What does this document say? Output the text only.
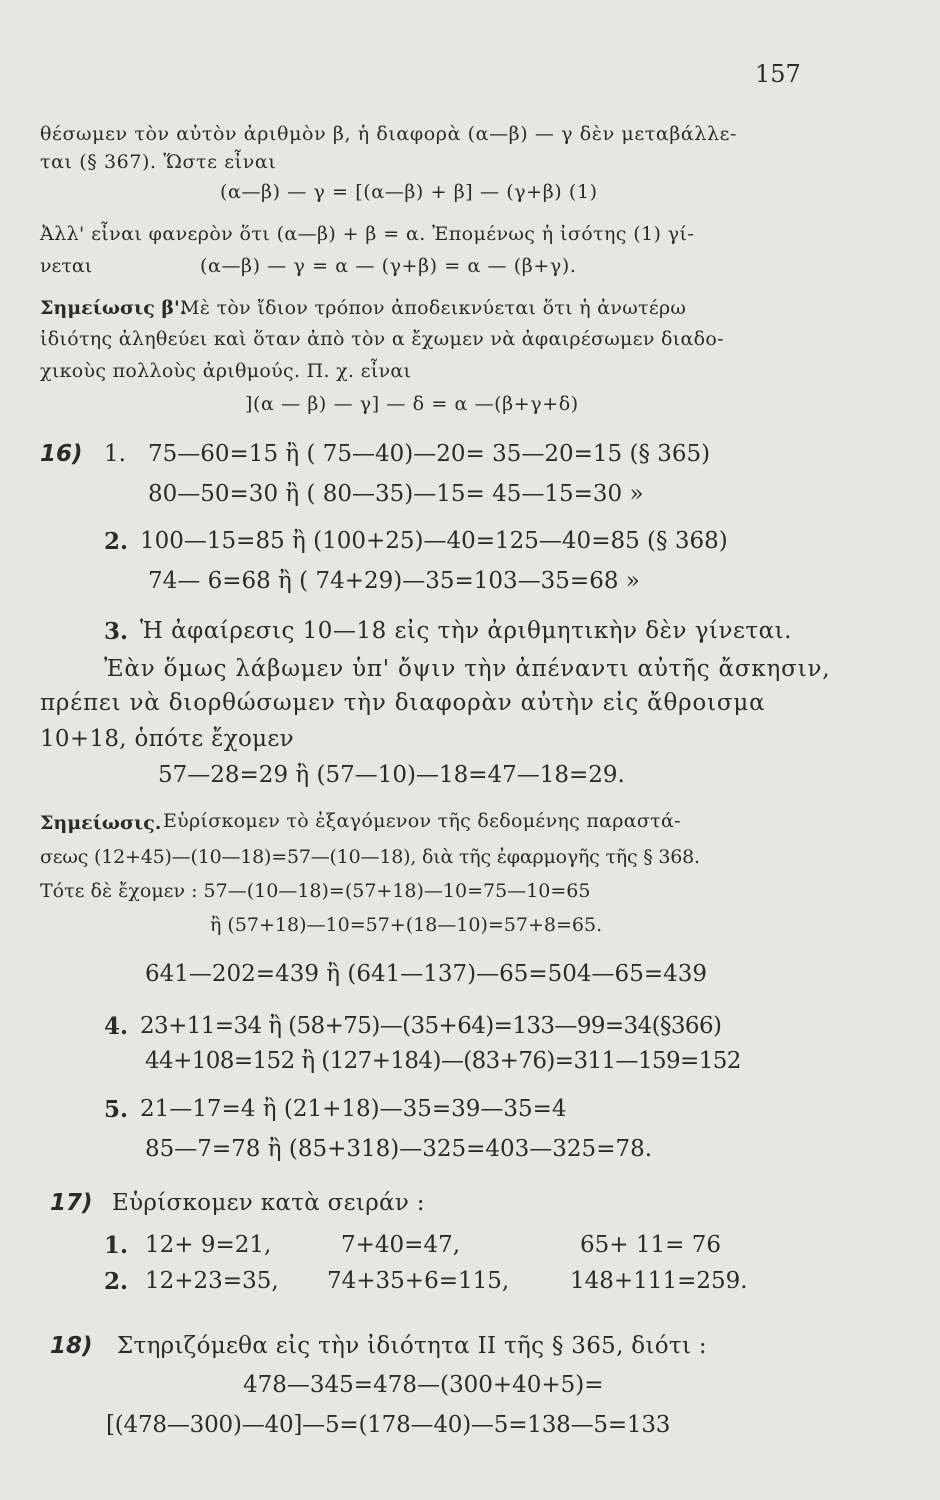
157
θέσωμεν τὸν αὐτὸν ἀριθμὸν β, ἡ διαφορὰ (α—β) — γ δὲν μεταβάλλε-
ται (§ 367). Ὥστε εἶναι
(α—β) — γ = [(α—β) + β] — (γ+β) (1)
Ἀλλ' εἶναι φανερὸν ὅτι (α—β) + β = α. Ἐπομένως ἡ ἰσότης (1) γί-
νεται	(α—β) — γ = α — (γ+β) = α — (β+γ).
Σημείωσις β'.
Μὲ τὸν ἴδιον τρόπον ἀποδεικνύεται ὅτι ἡ ἀνωτέρω
ἰδιότης ἀληθεύει καὶ ὅταν ἀπὸ τὸν α ἔχωμεν νὰ ἀφαιρέσωμεν διαδο-
χικοὺς πολλοὺς ἀριθμούς. Π. χ. εἶναι
](α — β) — γ] — δ = α —(β+γ+δ)
16) 1. 75—60=15 ἢ ( 75—40)—20= 35—20=15 (§ 365)
80—50=30 ἢ ( 80—35)—15= 45—15=30 »
2. 100—15=85 ἢ (100+25)—40=125—40=85 (§ 368)
74— 6=68 ἢ ( 74+29)—35=103—35=68 »
3. Ἡ ἀφαίρεσις 10—18 εἰς τὴν ἀριθμητικὴν δὲν γίνεται.
Ἐὰν ὅμως λάβωμεν ὑπ' ὄψιν τὴν ἀπέναντι αὐτῆς ἄσκησιν,
πρέπει νὰ διορθώσωμεν τὴν διαφορὰν αὐτὴν εἰς ἄθροισμα
10+18, ὁπότε ἔχομεν
57—28=29 ἢ (57—10)—18=47—18=29.
Σημείωσις. Εὑρίσκομεν τὸ ἐξαγόμενον τῆς δεδομένης παραστά-
σεως (12+45)—(10—18)=57—(10—18), διὰ τῆς ἐφαρμογῆς τῆς § 368.
Τότε δὲ ἔχομεν : 57—(10—18)=(57+18)—10=75—10=65
ἢ (57+18)—10=57+(18—10)=57+8=65.
641—202=439 ἢ (641—137)—65=504—65=439
4. 23+11=34 ἢ (58+75)—(35+64)=133—99=34(§366)
44+108=152 ἢ (127+184)—(83+76)=311—159=152
5. 21—17=4 ἢ (21+18)—35=39—35=4
85—7=78 ἢ (85+318)—325=403—325=78.
17) Εὑρίσκομεν κατὰ σειράν :
1. 12+ 9=21,	7+40=47,	65+ 11= 76
2. 12+23=35, 74+35+6=115,	148+111=259.
18) Στηριζόμεθα εἰς τὴν ἰδιότητα II τῆς § 365, διότι :
478—345=478—(300+40+5)=
[(478—300)—40]—5=(178—40)—5=138—5=133
